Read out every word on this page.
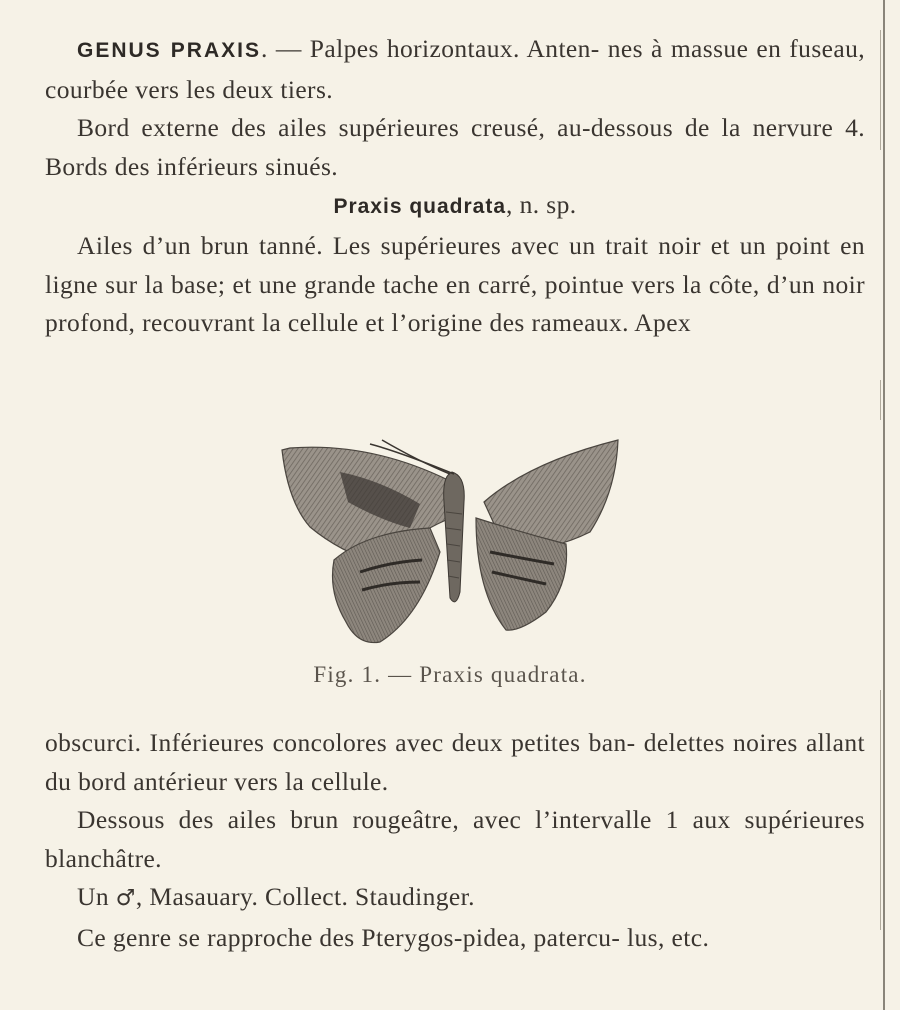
GENUS PRAXIS. — Palpes horizontaux. Anten- nes à massue en fuseau, courbée vers les deux tiers.

Bord externe des ailes supérieures creusé, au-dessous de la nervure 4. Bords des inférieurs sinués.

Praxis quadrata, n. sp.

Ailes d’un brun tanné. Les supérieures avec un trait noir et un point en ligne sur la base; et une grande tache en carré, pointue vers la côte, d’un noir profond, recouvrant la cellule et l’origine des rameaux. Apex

Fig. 1. — Praxis quadrata.

obscurci. Inférieures concolores avec deux petites ban- delettes noires allant du bord antérieur vers la cellule.

Dessous des ailes brun rougeâtre, avec l’intervalle 1 aux supérieures blanchâtre.

Un ♂, Masauary. Collect. Staudinger.

Ce genre se rapproche des Pterygos-pidea, patercu- lus, etc.
